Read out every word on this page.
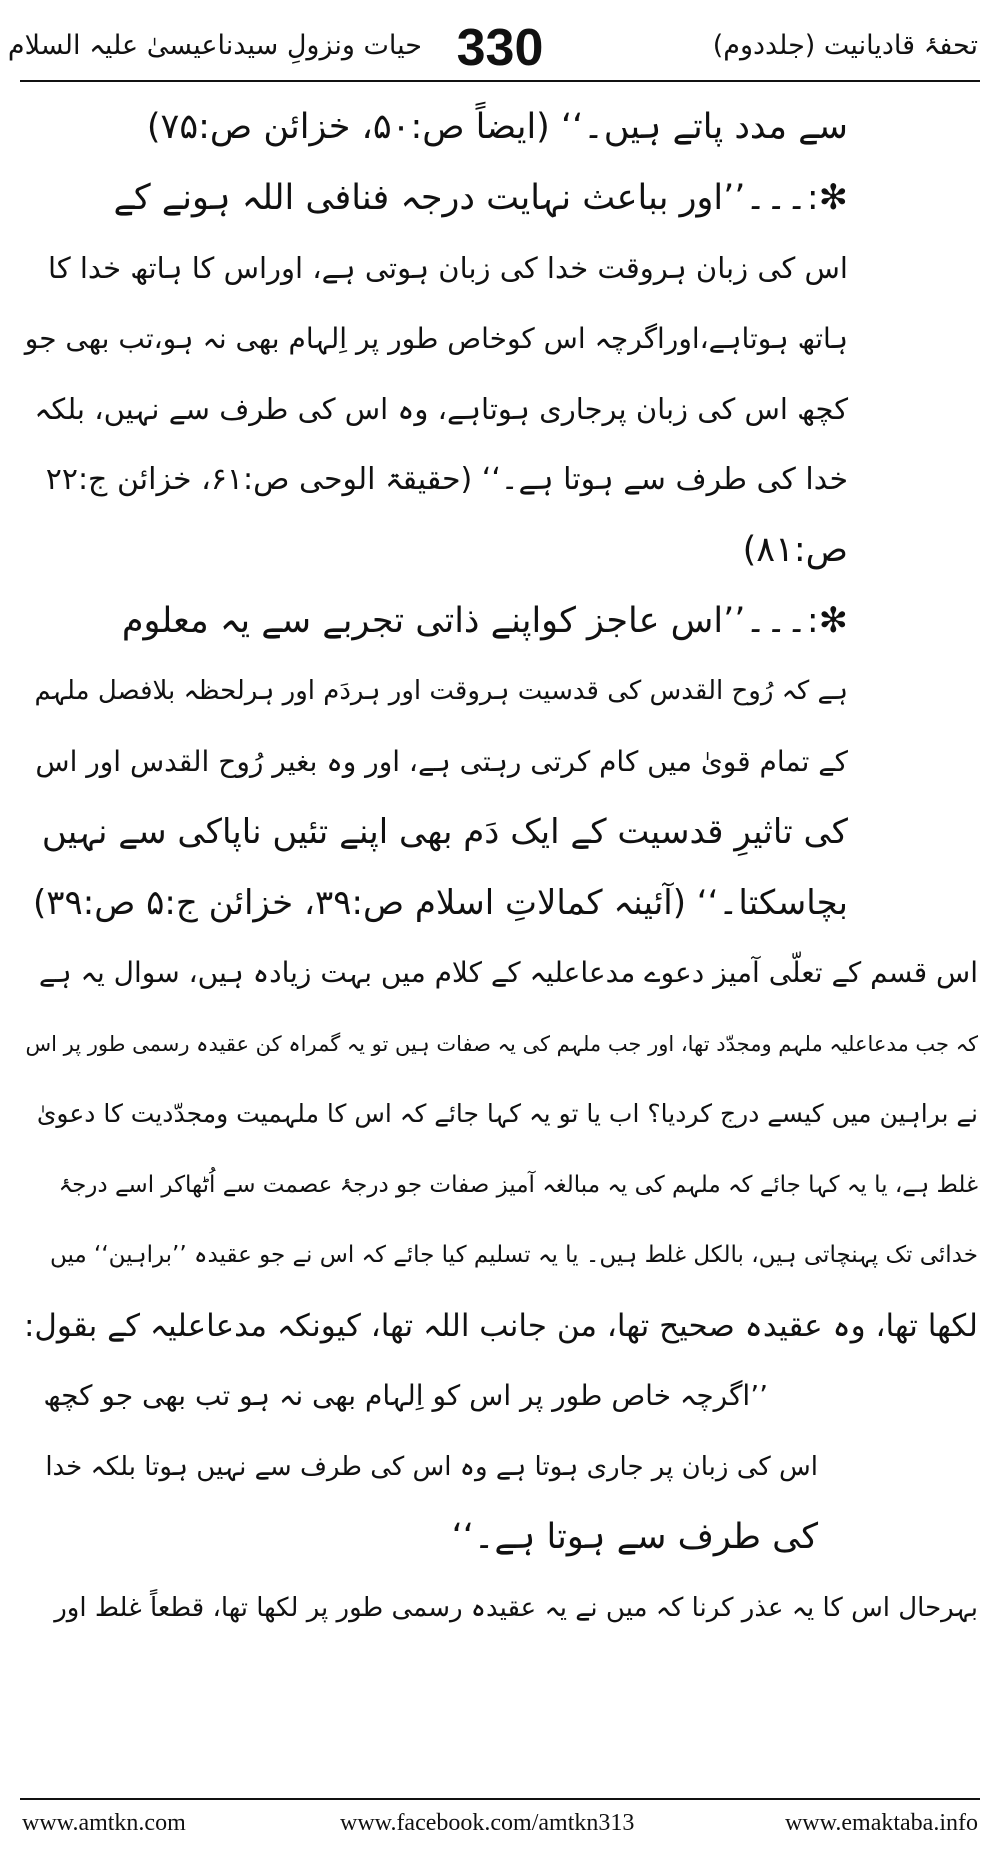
حیات ونزولِ سیدناعیسیٰ علیہ السلام 330	تحفۂ قادیانیت (جلددوم)
سے مدد پاتے ہیں۔‘‘ (ایضاً ص:۵۰، خزائن ص:۷۵)
✻:۔۔۔’’اور بباعث نہایت درجہ فنافی اللہ ہونے کے
اس کی زبان ہروقت خدا کی زبان ہوتی ہے، اوراس کا ہاتھ خدا کا
ہاتھ ہوتاہے،اوراگرچہ اس کوخاص طور پر اِلہام بھی نہ ہو،تب بھی جو
کچھ اس کی زبان پرجاری ہوتاہے، وہ اس کی طرف سے نہیں، بلکہ
خدا کی طرف سے ہوتا ہے۔‘‘ (حقیقۃ الوحی ص:۶۱، خزائن ج:۲۲
ص:۸۱)
✻:۔۔۔’’اس عاجز کواپنے ذاتی تجربے سے یہ معلوم
ہے کہ رُوح القدس کی قدسیت ہروقت اور ہردَم اور ہرلحظہ بلافصل ملہم
کے تمام قویٰ میں کام کرتی رہتی ہے، اور وہ بغیر رُوح القدس اور اس
کی تاثیرِ قدسیت کے ایک دَم بھی اپنے تئیں ناپاکی سے نہیں
بچاسکتا۔‘‘ (آئینہ کمالاتِ اسلام ص:۳۹، خزائن ج:۵ ص:۳۹)
اس قسم کے تعلّی آمیز دعوے مدعاعلیہ کے کلام میں بہت زیادہ ہیں، سوال یہ ہے
کہ جب مدعاعلیہ ملہم ومجدّد تھا، اور جب ملہم کی یہ صفات ہیں تو یہ گمراہ کن عقیدہ رسمی طور پر اس
نے براہین میں کیسے درج کردیا؟ اب یا تو یہ کہا جائے کہ اس کا ملہمیت ومجدّدیت کا دعویٰ
غلط ہے، یا یہ کہا جائے کہ ملہم کی یہ مبالغہ آمیز صفات جو درجۂ عصمت سے اُٹھاکر اسے درجۂ
خدائی تک پہنچاتی ہیں، بالکل غلط ہیں۔ یا یہ تسلیم کیا جائے کہ اس نے جو عقیدہ ’’براہین‘‘ میں
لکھا تھا، وہ عقیدہ صحیح تھا، من جانب اللہ تھا، کیونکہ مدعاعلیہ کے بقول:
’’اگرچہ خاص طور پر اس کو اِلہام بھی نہ ہو تب بھی جو کچھ
اس کی زبان پر جاری ہوتا ہے وہ اس کی طرف سے نہیں ہوتا بلکہ خدا
کی طرف سے ہوتا ہے۔‘‘
بہرحال اس کا یہ عذر کرنا کہ میں نے یہ عقیدہ رسمی طور پر لکھا تھا، قطعاً غلط اور
www.amtkn.com	www.facebook.com/amtkn313	www.emaktaba.info
